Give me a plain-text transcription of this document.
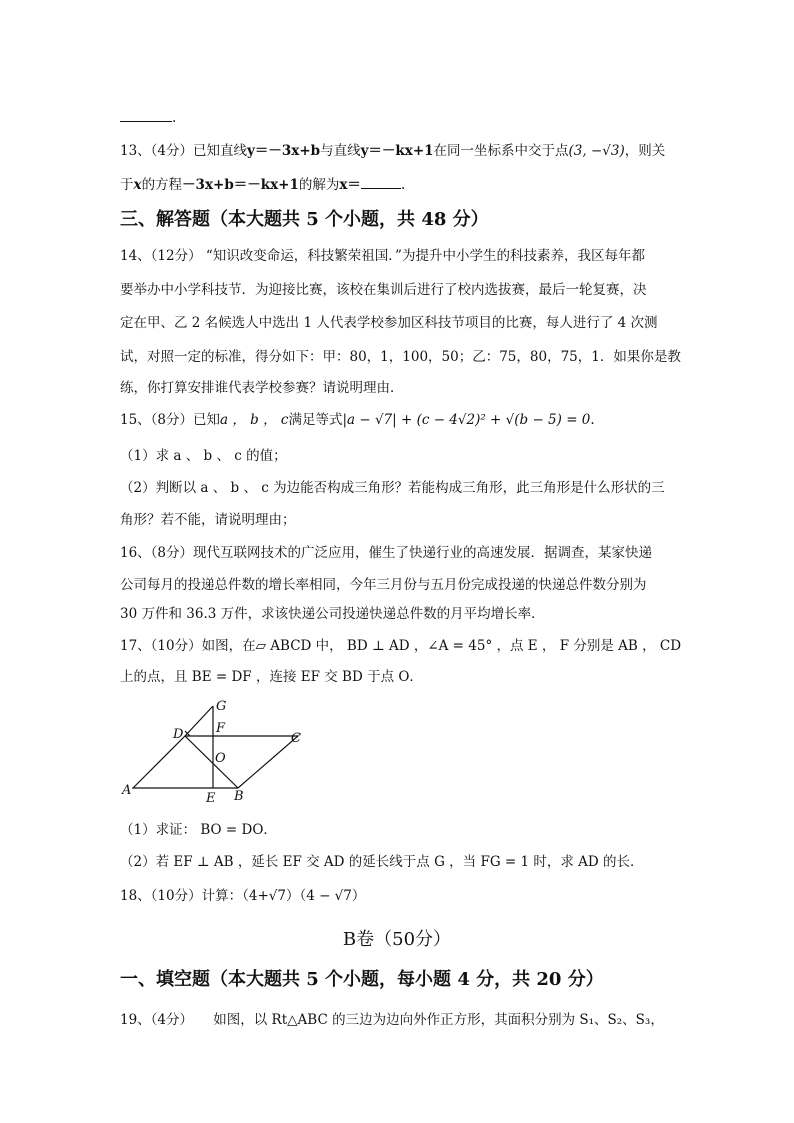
.
13、（4分）已知直线y＝－3x+b与直线y＝－kx+1在同一坐标系中交于点(3, −√3)，则关
于x的方程－3x+b＝－kx+1的解为x＝	.
三、解答题（本大题共 5 个小题，共 48 分）
14、（12分） “知识改变命运，科技繁荣祖国．”为提升中小学生的科技素养，我区每年都
要举办中小学科技节．为迎接比赛，该校在集训后进行了校内选拔赛，最后一轮复赛，决
定在甲、乙 2 名候选人中选出 1 人代表学校参加区科技节项目的比赛，每人进行了 4 次测
试，对照一定的标准，得分如下：甲：80，1，100，50；乙：75，80，75，1．如果你是教
练，你打算安排谁代表学校参赛？请说明理由．
15、（8分）已知a ， b ， c满足等式|a − √7| + (c − 4√2)² + √(b − 5) = 0.
（1）求 a 、 b 、 c 的值；
（2）判断以 a 、 b 、 c 为边能否构成三角形？若能构成三角形，此三角形是什么形状的三
角形？若不能，请说明理由；
16、（8分）现代互联网技术的广泛应用，催生了快递行业的高速发展．据调查，某家快递
公司每月的投递总件数的增长率相同，今年三月份与五月份完成投递的快递总件数分别为
30 万件和 36.3 万件，求该快递公司投递快递总件数的月平均增长率．
17、（10分）如图，在▱ ABCD 中， BD ⊥ AD ，∠A = 45° ，点 E ， F 分别是 AB ， CD
上的点，且 BE = DF ，连接 EF 交 BD 于点 O．
G
D	F
C
O
A
E B
（1）求证： BO = DO．
（2）若 EF ⊥ AB ，延长 EF 交 AD 的延长线于点 G ，当 FG = 1 时，求 AD 的长．
18、（10分）计算：（4+√7）（4 − √7）
B卷（50分）
一、填空题（本大题共 5 个小题，每小题 4 分，共 20 分）
19、（4分）　　如图，以 Rt△ABC 的三边为边向外作正方形，其面积分别为 S₁、S₂、S₃，
